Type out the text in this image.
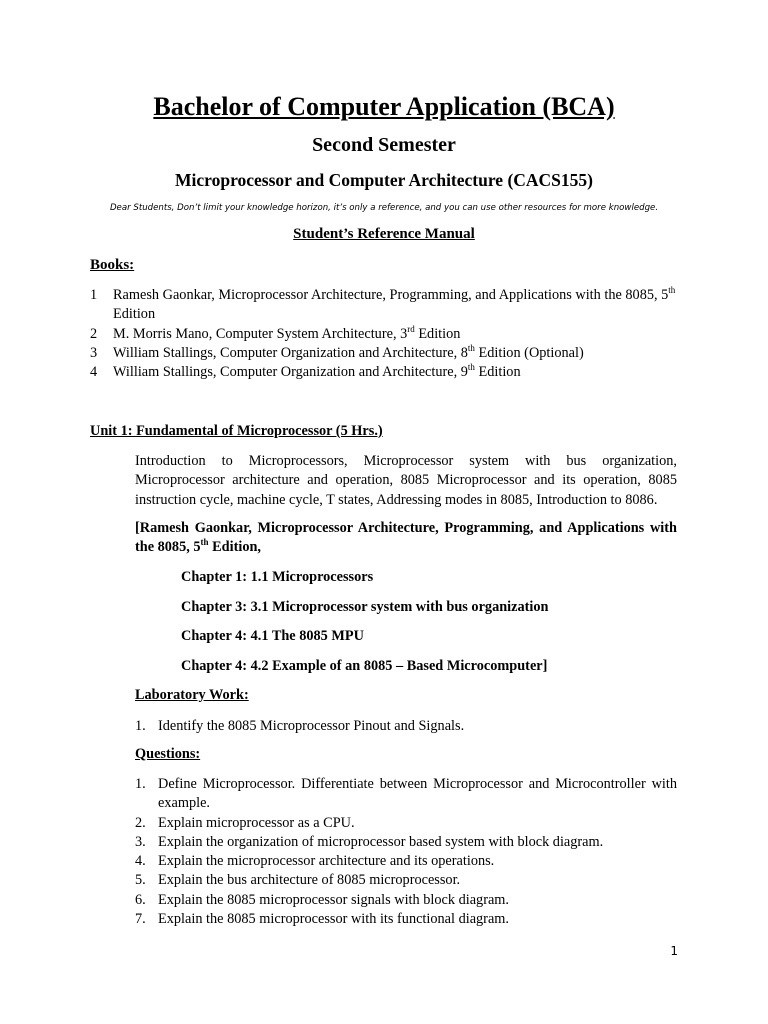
Bachelor of Computer Application (BCA)
Second Semester
Microprocessor and Computer Architecture (CACS155)
Dear Students, Don’t limit your knowledge horizon, it’s only a reference, and you can use other resources for more knowledge.
Student’s Reference Manual
Books:
1 Ramesh Gaonkar, Microprocessor Architecture, Programming, and Applications with the 8085, 5th Edition
2 M. Morris Mano, Computer System Architecture, 3rd Edition
3 William Stallings, Computer Organization and Architecture, 8th Edition (Optional)
4 William Stallings, Computer Organization and Architecture, 9th Edition
Unit 1: Fundamental of Microprocessor (5 Hrs.)
Introduction to Microprocessors, Microprocessor system with bus organization, Microprocessor architecture and operation, 8085 Microprocessor and its operation, 8085 instruction cycle, machine cycle, T states, Addressing modes in 8085, Introduction to 8086.
[Ramesh Gaonkar, Microprocessor Architecture, Programming, and Applications with the 8085, 5th Edition,
Chapter 1: 1.1 Microprocessors
Chapter 3: 3.1 Microprocessor system with bus organization
Chapter 4: 4.1 The 8085 MPU
Chapter 4: 4.2 Example of an 8085 – Based Microcomputer]
Laboratory Work:
1. Identify the 8085 Microprocessor Pinout and Signals.
Questions:
1. Define Microprocessor. Differentiate between Microprocessor and Microcontroller with example.
2. Explain microprocessor as a CPU.
3. Explain the organization of microprocessor based system with block diagram.
4. Explain the microprocessor architecture and its operations.
5. Explain the bus architecture of 8085 microprocessor.
6. Explain the 8085 microprocessor signals with block diagram.
7. Explain the 8085 microprocessor with its functional diagram.
1
